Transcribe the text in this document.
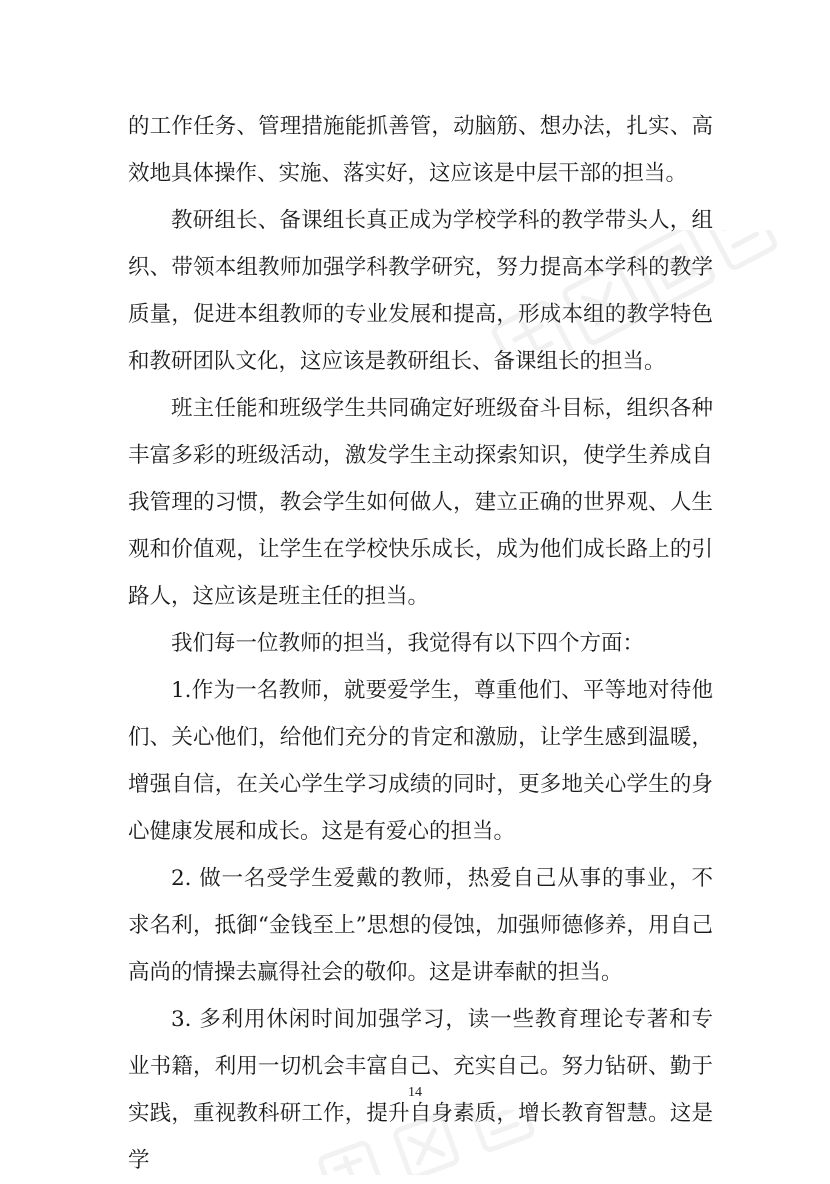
的工作任务、管理措施能抓善管，动脑筋、想办法，扎实、高效地具体操作、实施、落实好，这应该是中层干部的担当。

教研组长、备课组长真正成为学校学科的教学带头人，组织、带领本组教师加强学科教学研究，努力提高本学科的教学质量，促进本组教师的专业发展和提高，形成本组的教学特色和教研团队文化，这应该是教研组长、备课组长的担当。

班主任能和班级学生共同确定好班级奋斗目标，组织各种丰富多彩的班级活动，激发学生主动探索知识，使学生养成自我管理的习惯，教会学生如何做人，建立正确的世界观、人生观和价值观，让学生在学校快乐成长，成为他们成长路上的引路人，这应该是班主任的担当。

我们每一位教师的担当，我觉得有以下四个方面：

1.作为一名教师，就要爱学生，尊重他们、平等地对待他们、关心他们，给他们充分的肯定和激励，让学生感到温暖，增强自信，在关心学生学习成绩的同时，更多地关心学生的身心健康发展和成长。这是有爱心的担当。

2. 做一名受学生爱戴的教师，热爱自己从事的事业，不求名利，抵御“金钱至上”思想的侵蚀，加强师德修养，用自己高尚的情操去赢得社会的敬仰。这是讲奉献的担当。

3. 多利用休闲时间加强学习，读一些教育理论专著和专业书籍，利用一切机会丰富自己、充实自己。努力钻研、勤于实践，重视教科研工作，提升自身素质，增长教育智慧。这是学

14
